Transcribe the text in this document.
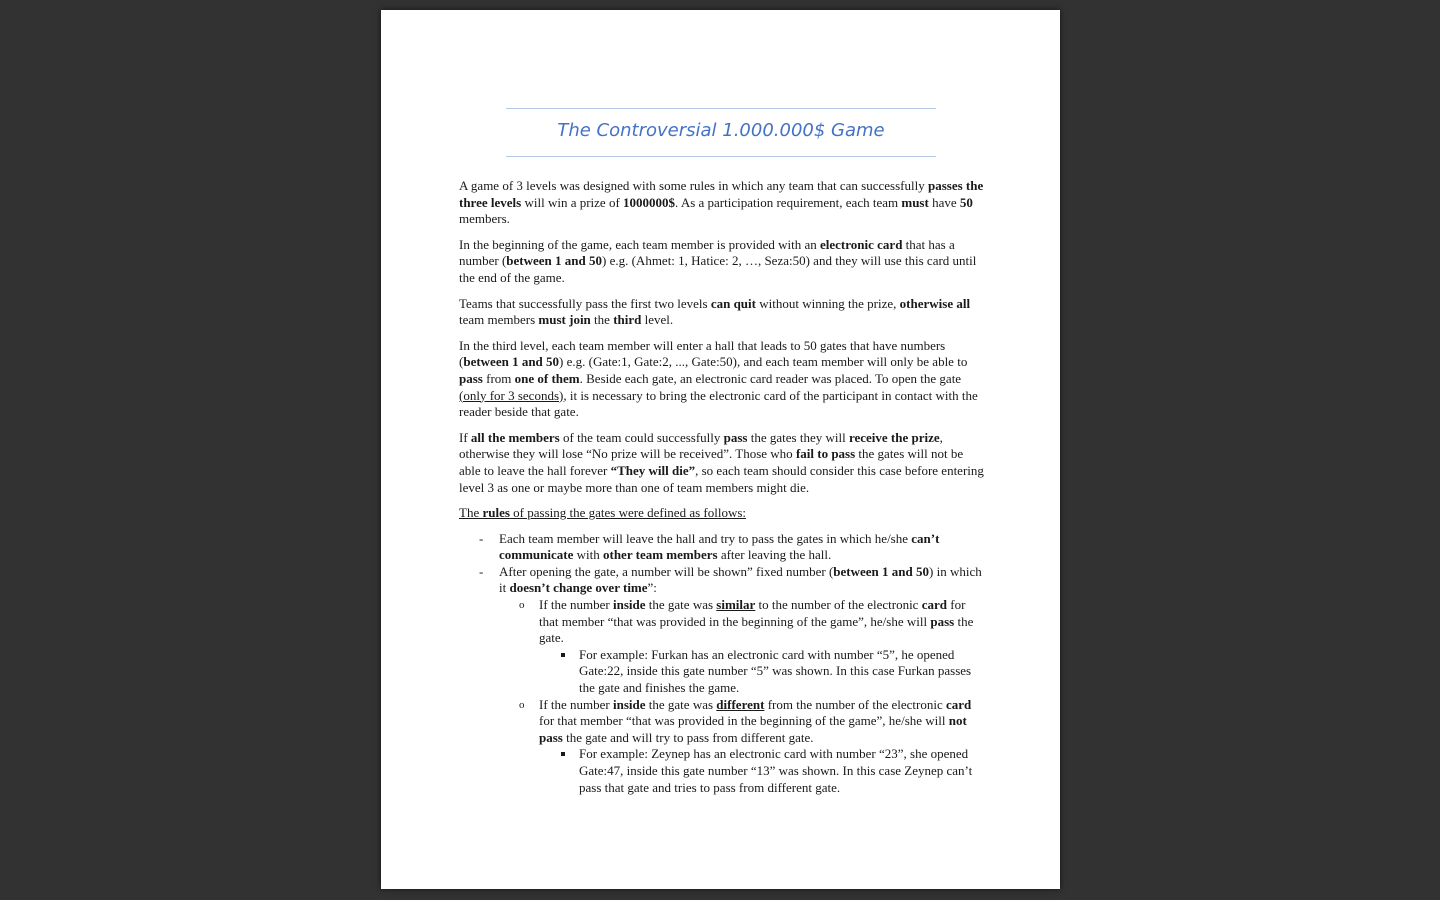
The Controversial 1.000.000$ Game

A game of 3 levels was designed with some rules in which any team that can successfully passes the three levels will win a prize of 1000000$. As a participation requirement, each team must have 50 members.

In the beginning of the game, each team member is provided with an electronic card that has a number (between 1 and 50) e.g. (Ahmet: 1, Hatice: 2, …, Seza:50) and they will use this card until the end of the game.

Teams that successfully pass the first two levels can quit without winning the prize, otherwise all team members must join the third level.

In the third level, each team member will enter a hall that leads to 50 gates that have numbers (between 1 and 50) e.g. (Gate:1, Gate:2, ..., Gate:50), and each team member will only be able to pass from one of them. Beside each gate, an electronic card reader was placed. To open the gate (only for 3 seconds), it is necessary to bring the electronic card of the participant in contact with the reader beside that gate.

If all the members of the team could successfully pass the gates they will receive the prize, otherwise they will lose “No prize will be received”. Those who fail to pass the gates will not be able to leave the hall forever “They will die”, so each team should consider this case before entering level 3 as one or maybe more than one of team members might die.

The rules of passing the gates were defined as follows:

- Each team member will leave the hall and try to pass the gates in which he/she can’t communicate with other team members after leaving the hall.
- After opening the gate, a number will be shown” fixed number (between 1 and 50) in which it doesn’t change over time”:
o If the number inside the gate was similar to the number of the electronic card for that member “that was provided in the beginning of the game”, he/she will pass the gate.
For example: Furkan has an electronic card with number “5”, he opened Gate:22, inside this gate number “5” was shown. In this case Furkan passes the gate and finishes the game.
o If the number inside the gate was different from the number of the electronic card for that member “that was provided in the beginning of the game”, he/she will not pass the gate and will try to pass from different gate.
For example: Zeynep has an electronic card with number “23”, she opened Gate:47, inside this gate number “13” was shown. In this case Zeynep can’t pass that gate and tries to pass from different gate.
